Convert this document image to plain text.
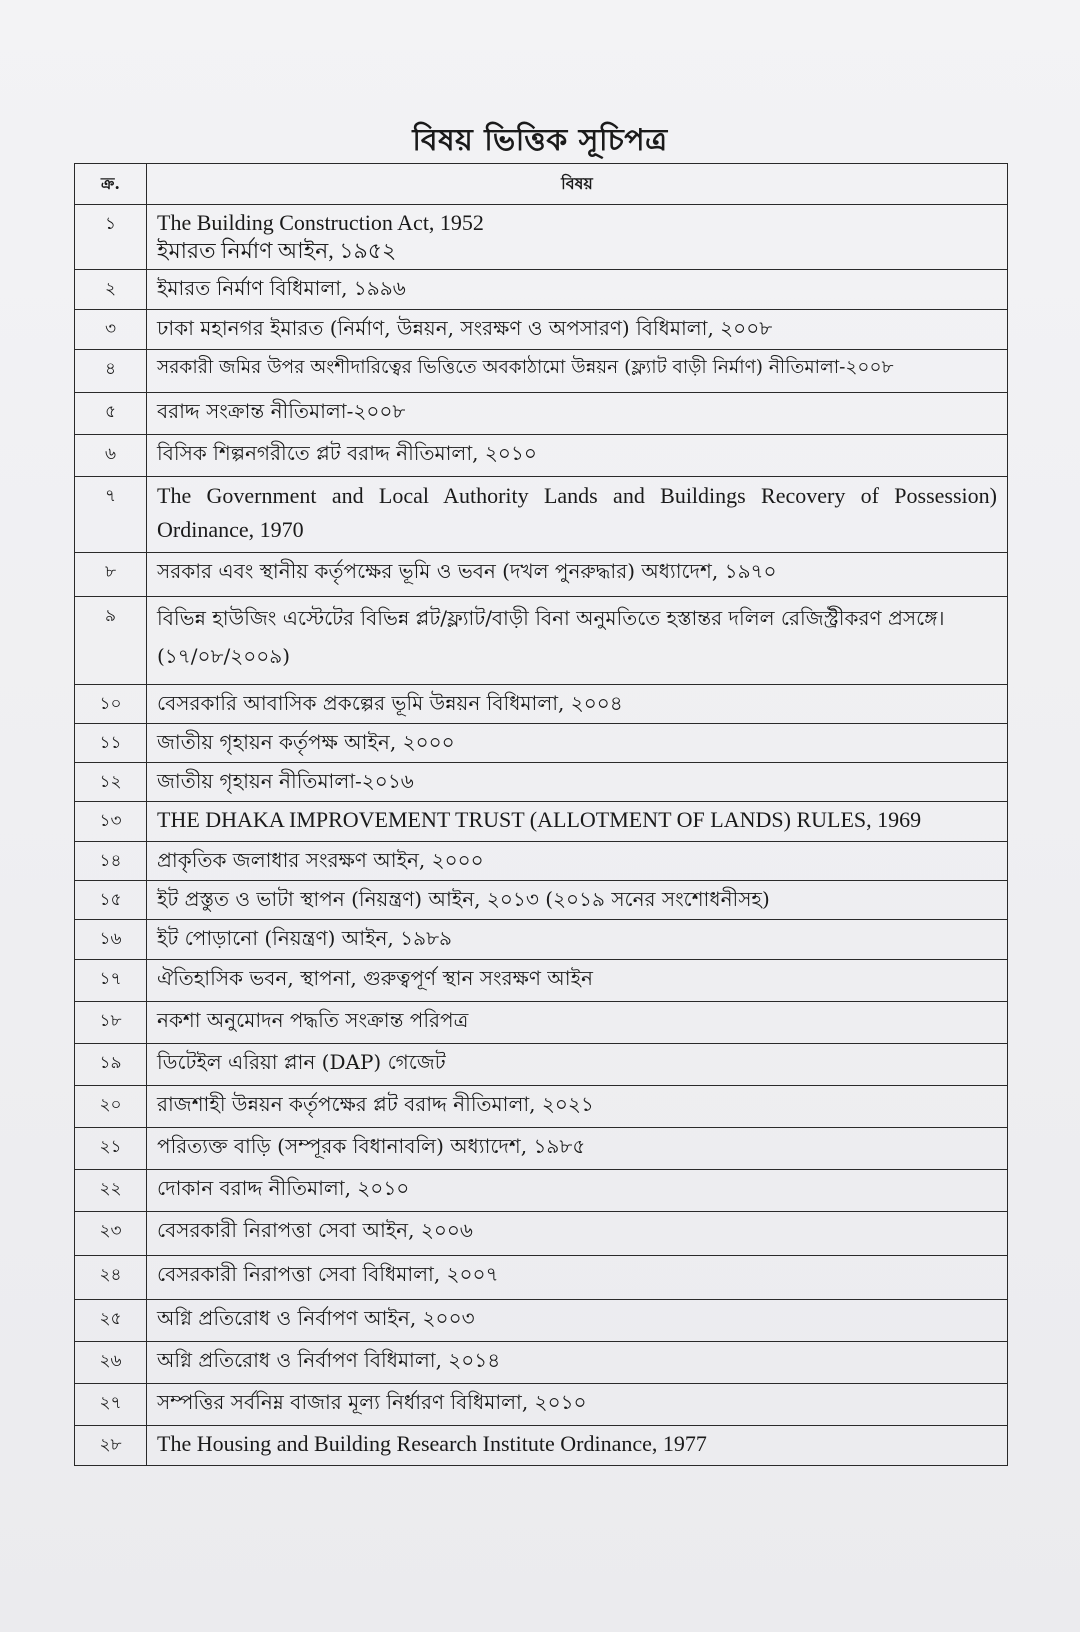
বিষয় ভিত্তিক সূচিপত্র
ক্র.	বিষয়
১	The Building Construction Act, 1952
ইমারত নির্মাণ আইন, ১৯৫২
২	ইমারত নির্মাণ বিধিমালা, ১৯৯৬
৩	ঢাকা মহানগর ইমারত (নির্মাণ, উন্নয়ন, সংরক্ষণ ও অপসারণ) বিধিমালা, ২০০৮
৪	সরকারী জমির উপর অংশীদারিত্বের ভিত্তিতে অবকাঠামো উন্নয়ন (ফ্ল্যাট বাড়ী নির্মাণ) নীতিমালা-২০০৮
৫	বরাদ্দ সংক্রান্ত নীতিমালা-২০০৮
৬	বিসিক শিল্পনগরীতে প্লট বরাদ্দ নীতিমালা, ২০১০
৭	The Government and Local Authority Lands and Buildings Recovery of Possession) Ordinance, 1970
৮	সরকার এবং স্থানীয় কর্তৃপক্ষের ভূমি ও ভবন (দখল পুনরুদ্ধার) অধ্যাদেশ, ১৯৭০
৯	বিভিন্ন হাউজিং এস্টেটের বিভিন্ন প্লট/ফ্ল্যাট/বাড়ী বিনা অনুমতিতে হস্তান্তর দলিল রেজিস্ট্রীকরণ প্রসঙ্গে। (১৭/০৮/২০০৯)
১০	বেসরকারি আবাসিক প্রকল্পের ভূমি উন্নয়ন বিধিমালা, ২০০৪
১১	জাতীয় গৃহায়ন কর্তৃপক্ষ আইন, ২০০০
১২	জাতীয় গৃহায়ন নীতিমালা-২০১৬
১৩	THE DHAKA IMPROVEMENT TRUST (ALLOTMENT OF LANDS) RULES, 1969
১৪	প্রাকৃতিক জলাধার সংরক্ষণ আইন, ২০০০
১৫	ইট প্রস্তুত ও ভাটা স্থাপন (নিয়ন্ত্রণ) আইন, ২০১৩ (২০১৯ সনের সংশোধনীসহ)
১৬	ইট পোড়ানো (নিয়ন্ত্রণ) আইন, ১৯৮৯
১৭	ঐতিহাসিক ভবন, স্থাপনা, গুরুত্বপূর্ণ স্থান সংরক্ষণ আইন
১৮	নকশা অনুমোদন পদ্ধতি সংক্রান্ত পরিপত্র
১৯	ডিটেইল এরিয়া প্লান (DAP) গেজেট
২০	রাজশাহী উন্নয়ন কর্তৃপক্ষের প্লট বরাদ্দ নীতিমালা, ২০২১
২১	পরিত্যক্ত বাড়ি (সম্পূরক বিধানাবলি) অধ্যাদেশ, ১৯৮৫
২২	দোকান বরাদ্দ নীতিমালা, ২০১০
২৩	বেসরকারী নিরাপত্তা সেবা আইন, ২০০৬
২৪	বেসরকারী নিরাপত্তা সেবা বিধিমালা, ২০০৭
২৫	অগ্নি প্রতিরোধ ও নির্বাপণ আইন, ২০০৩
২৬	অগ্নি প্রতিরোধ ও নির্বাপণ বিধিমালা, ২০১৪
২৭	সম্পত্তির সর্বনিম্ন বাজার মূল্য নির্ধারণ বিধিমালা, ২০১০
২৮	The Housing and Building Research Institute Ordinance, 1977
